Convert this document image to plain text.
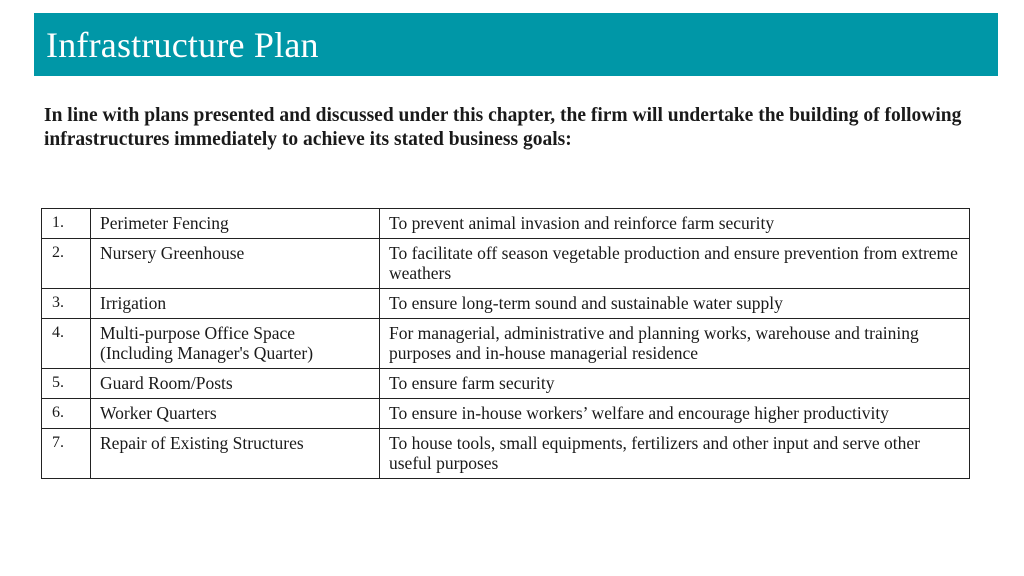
Infrastructure Plan

In line with plans presented and discussed under this chapter, the firm will undertake the building of following infrastructures immediately to achieve its stated business goals:

1.	Perimeter Fencing	To prevent animal invasion and reinforce farm security
2.	Nursery Greenhouse	To facilitate off season vegetable production and ensure prevention from extreme weathers
3.	Irrigation	To ensure long-term sound and sustainable water supply
4.	Multi-purpose Office Space (Including Manager's Quarter)	For managerial, administrative and planning works, warehouse and training purposes and in-house managerial residence
5.	Guard Room/Posts	To ensure farm security
6.	Worker Quarters	To ensure in-house workers’ welfare and encourage higher productivity
7.	Repair of Existing Structures	To house tools, small equipments, fertilizers and other input and serve other useful purposes
